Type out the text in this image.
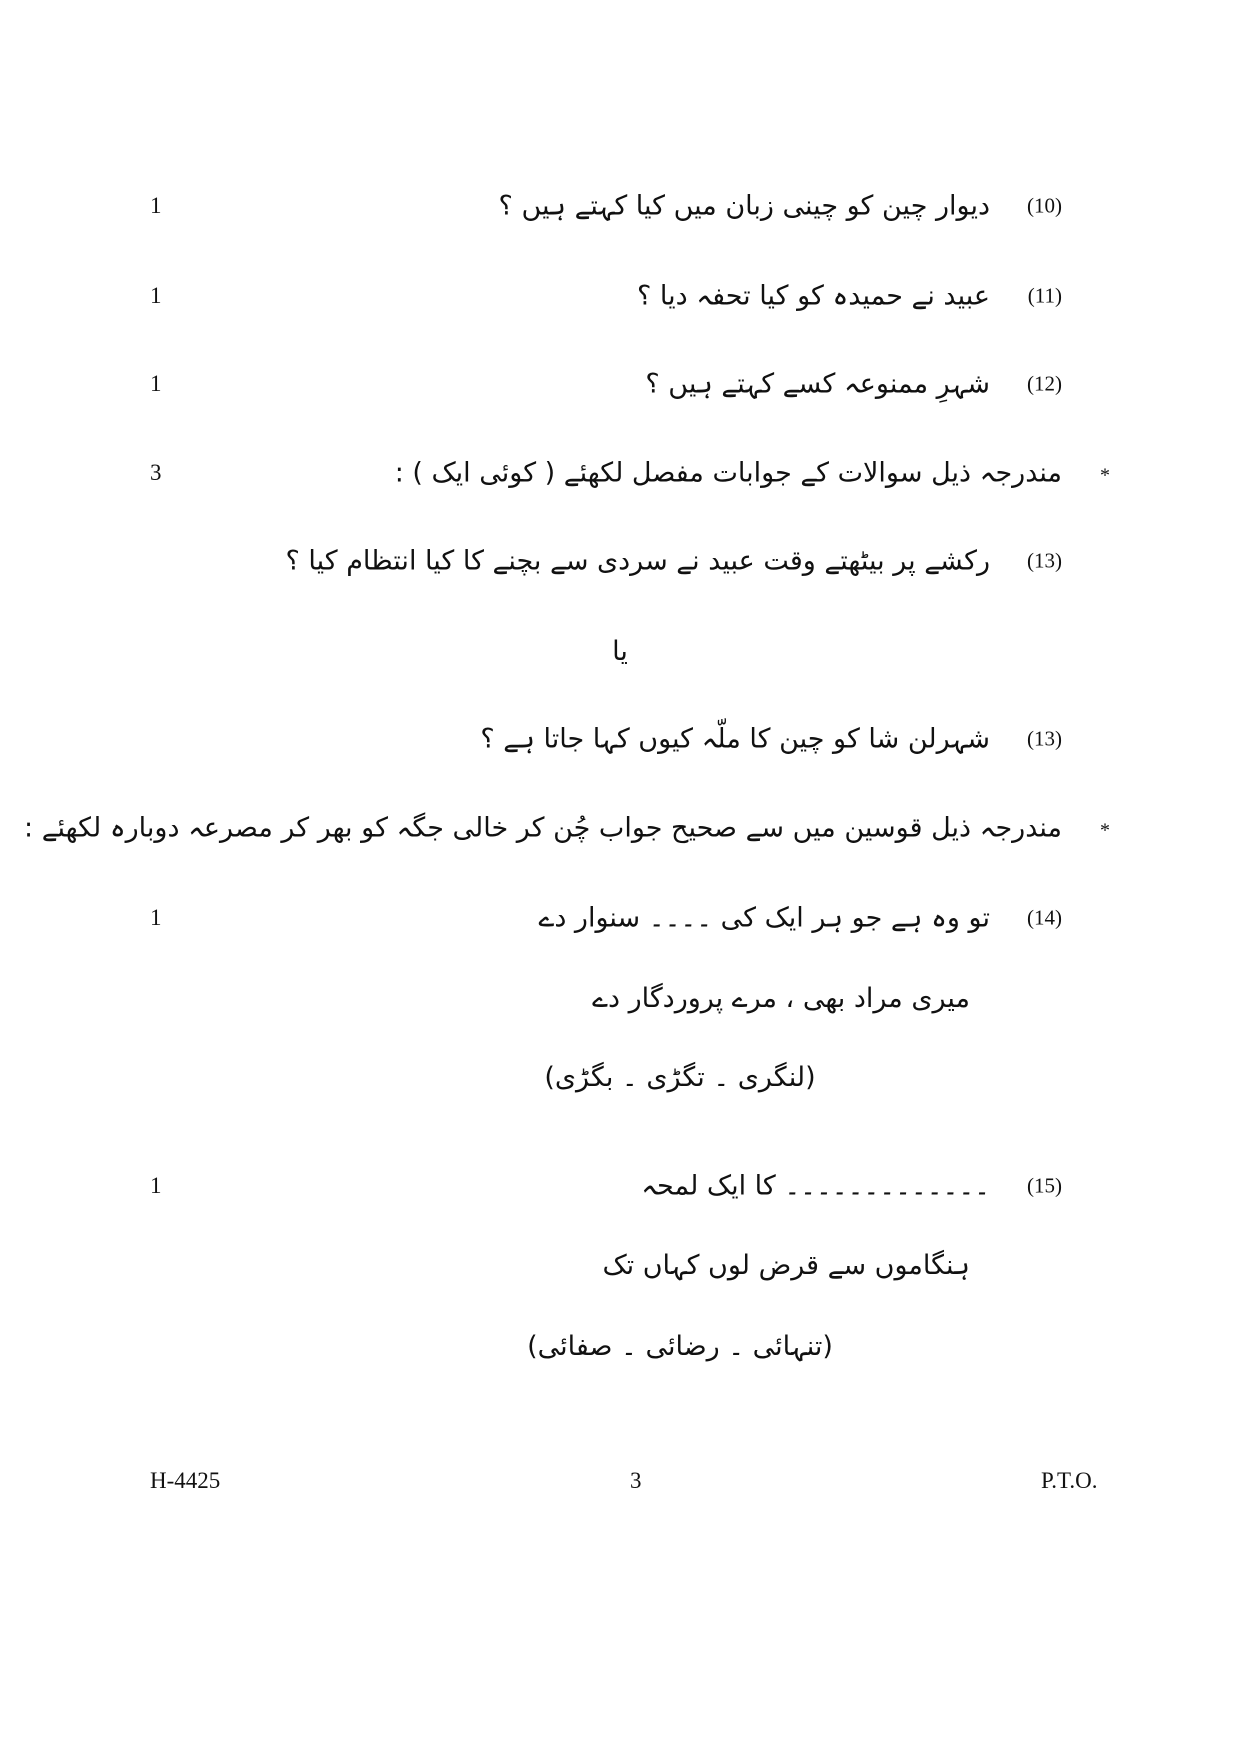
1	دیوار چین کو چینی زبان میں کیا کہتے ہیں ؟ (10)
1	عبید نے حمیدہ کو کیا تحفہ دیا ؟ (11)
1	شہرِ ممنوعہ کسے کہتے ہیں ؟ (12)
3	مندرجہ ذیل سوالات کے جوابات مفصل لکھئے ( کوئی ایک ) : *
رکشے پر بیٹھتے وقت عبید نے سردی سے بچنے کا کیا انتظام کیا ؟ (13)
یا
شہرلن شا کو چین کا ملّہ کیوں کہا جاتا ہے ؟ (13)
مندرجہ ذیل قوسین میں سے صحیح جواب چُن کر خالی جگہ کو بھر کر مصرعہ دوبارہ لکھئے : *
1	تو وہ ہے جو ہر ایک کی ۔۔۔۔ سنوار دے (14)
میری مراد بھی ، مرے پروردگار دے
(لنگری ۔ تگڑی ۔ بگڑی)
1	۔۔۔۔۔۔۔۔۔۔۔۔۔ کا ایک لمحہ (15)
ہنگاموں سے قرض لوں کہاں تک
(تنہائی ۔ رضائی ۔ صفائی)
H-4425	3	P.T.O.
